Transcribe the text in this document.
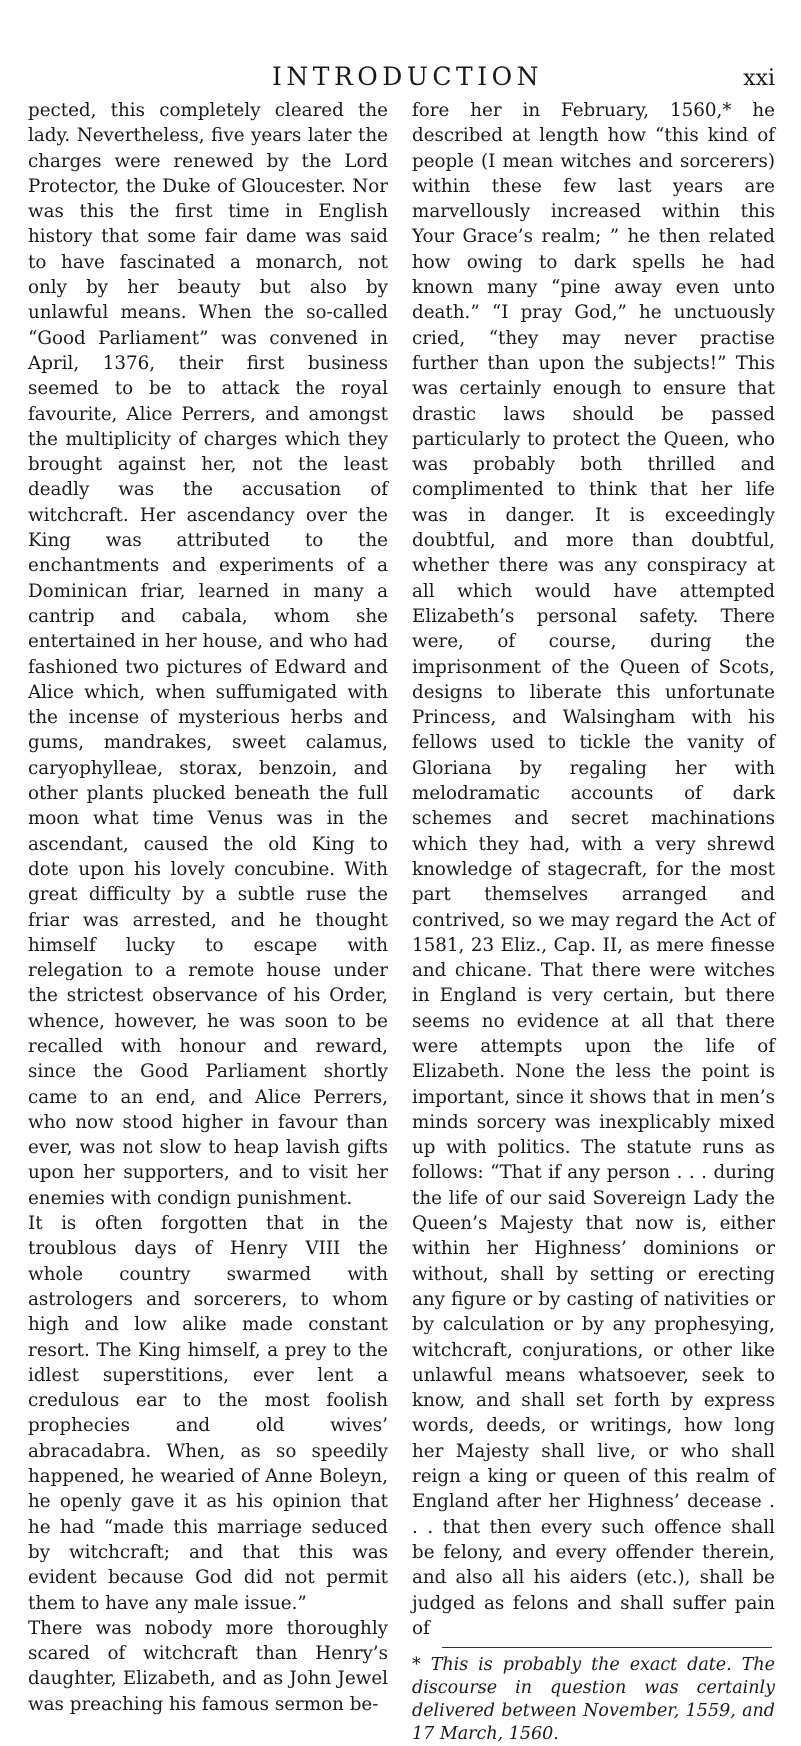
INTRODUCTION	xxi

pected, this completely cleared the lady. Nevertheless, five years later the charges were renewed by the Lord Protector, the Duke of Gloucester. Nor was this the first time in English history that some fair dame was said to have fascinated a monarch, not only by her beauty but also by unlawful means. When the so-called “Good Parliament” was convened in April, 1376, their first business seemed to be to attack the royal favourite, Alice Perrers, and amongst the multiplicity of charges which they brought against her, not the least deadly was the accusation of witchcraft. Her ascendancy over the King was attributed to the enchantments and experiments of a Dominican friar, learned in many a cantrip and cabala, whom she entertained in her house, and who had fashioned two pictures of Edward and Alice which, when suffumigated with the incense of mysterious herbs and gums, mandrakes, sweet calamus, caryophylleae, storax, benzoin, and other plants plucked beneath the full moon what time Venus was in the ascendant, caused the old King to dote upon his lovely concubine. With great difficulty by a subtle ruse the friar was arrested, and he thought himself lucky to escape with relegation to a remote house under the strictest observance of his Order, whence, however, he was soon to be recalled with honour and reward, since the Good Parliament shortly came to an end, and Alice Perrers, who now stood higher in favour than ever, was not slow to heap lavish gifts upon her supporters, and to visit her enemies with condign punishment.

It is often forgotten that in the troublous days of Henry VIII the whole country swarmed with astrologers and sorcerers, to whom high and low alike made constant resort. The King himself, a prey to the idlest superstitions, ever lent a credulous ear to the most foolish prophecies and old wives’ abracadabra. When, as so speedily happened, he wearied of Anne Boleyn, he openly gave it as his opinion that he had “made this marriage seduced by witchcraft; and that this was evident because God did not permit them to have any male issue.”

There was nobody more thoroughly scared of witchcraft than Henry’s daughter, Elizabeth, and as John Jewel was preaching his famous sermon be-

fore her in February, 1560,* he described at length how “this kind of people (I mean witches and sorcerers) within these few last years are marvellously increased within this Your Grace’s realm; ” he then related how owing to dark spells he had known many “pine away even unto death.” “I pray God,” he unctuously cried, “they may never practise further than upon the subjects!” This was certainly enough to ensure that drastic laws should be passed particularly to protect the Queen, who was probably both thrilled and complimented to think that her life was in danger. It is exceedingly doubtful, and more than doubtful, whether there was any conspiracy at all which would have attempted Elizabeth’s personal safety. There were, of course, during the imprisonment of the Queen of Scots, designs to liberate this unfortunate Princess, and Walsingham with his fellows used to tickle the vanity of Gloriana by regaling her with melodramatic accounts of dark schemes and secret machinations which they had, with a very shrewd knowledge of stagecraft, for the most part themselves arranged and contrived, so we may regard the Act of 1581, 23 Eliz., Cap. II, as mere finesse and chicane. That there were witches in England is very certain, but there seems no evidence at all that there were attempts upon the life of Elizabeth. None the less the point is important, since it shows that in men’s minds sorcery was inexplicably mixed up with politics. The statute runs as follows: “That if any person . . . during the life of our said Sovereign Lady the Queen’s Majesty that now is, either within her Highness’ dominions or without, shall by setting or erecting any figure or by casting of nativities or by calculation or by any prophesying, witchcraft, conjurations, or other like unlawful means whatsoever, seek to know, and shall set forth by express words, deeds, or writings, how long her Majesty shall live, or who shall reign a king or queen of this realm of England after her Highness’ decease . . . that then every such offence shall be felony, and every offender therein, and also all his aiders (etc.), shall be judged as felons and shall suffer pain of

* This is probably the exact date. The discourse in question was certainly delivered between November, 1559, and 17 March, 1560.
